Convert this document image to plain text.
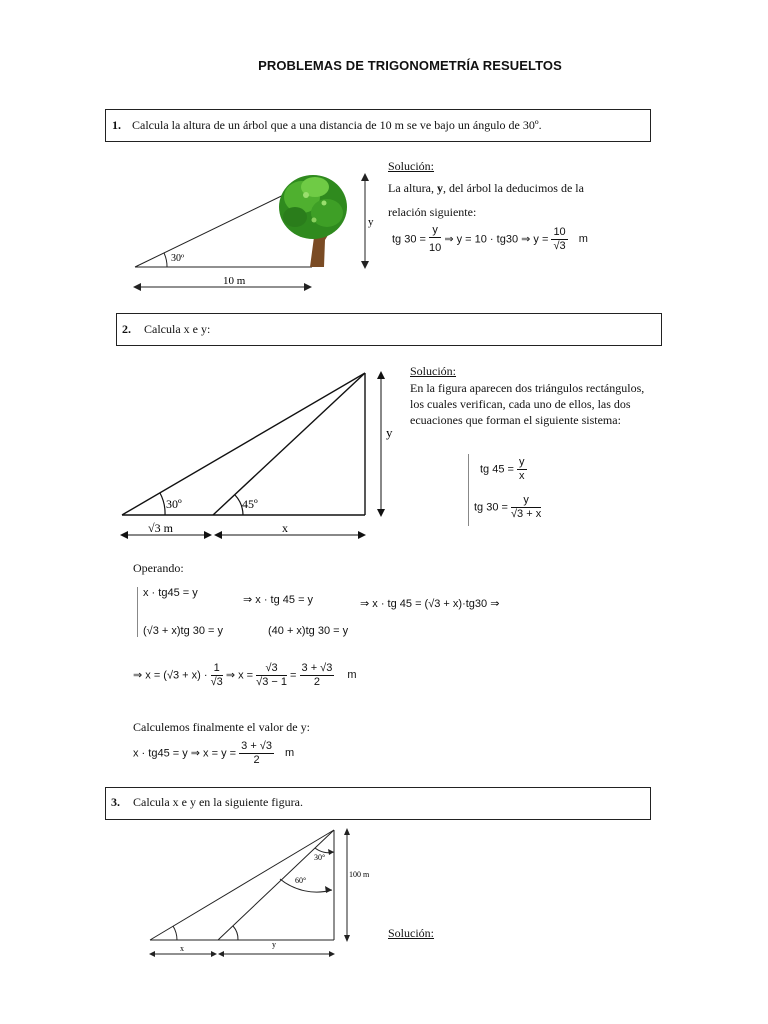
PROBLEMAS DE TRIGONOMETRÍA RESUELTOS
1. Calcula la altura de un árbol que a una distancia de 10 m se ve bajo un ángulo de 30º.
30º
y
10 m
Solución:
La altura, y, del árbol la deducimos de la
relación siguiente:
tg $30 = \frac{y}{10}$ ⇒ y = 10 · tg30 ⇒ $y = \frac{10}{√3}$ m
2. Calcula x e y:
30º	45º
y
√3 m	x
Solución:
En la figura aparecen dos triángulos rectángulos, los cuales verifican, cada uno de ellos, las dos ecuaciones que forman el siguiente sistema:
tg $45 = \frac{y}{x}$
tg $30 = \frac{y}{√3 + x}$
Operando:
x · tg45 = y
⇒ x · tg 45 = y	⇒ x · tg 45 = (√3 + x)·tg30 ⇒
(√3 + x)tg 30 = y	(40 + x)tg 30 = y
⇒ $x = (√3 + x) \cdot \frac{1}{√3}$ ⇒ $x = \frac{√3}{√3 - 1} = \frac{3 + √3}{2}$ m
Calculemos finalmente el valor de y:
x · tg45 = y ⇒ $x = y = \frac{3 + √3}{2}$ m
3. Calcula x e y en la siguiente figura.
30°
60°
100 m
x	y
Solución:
